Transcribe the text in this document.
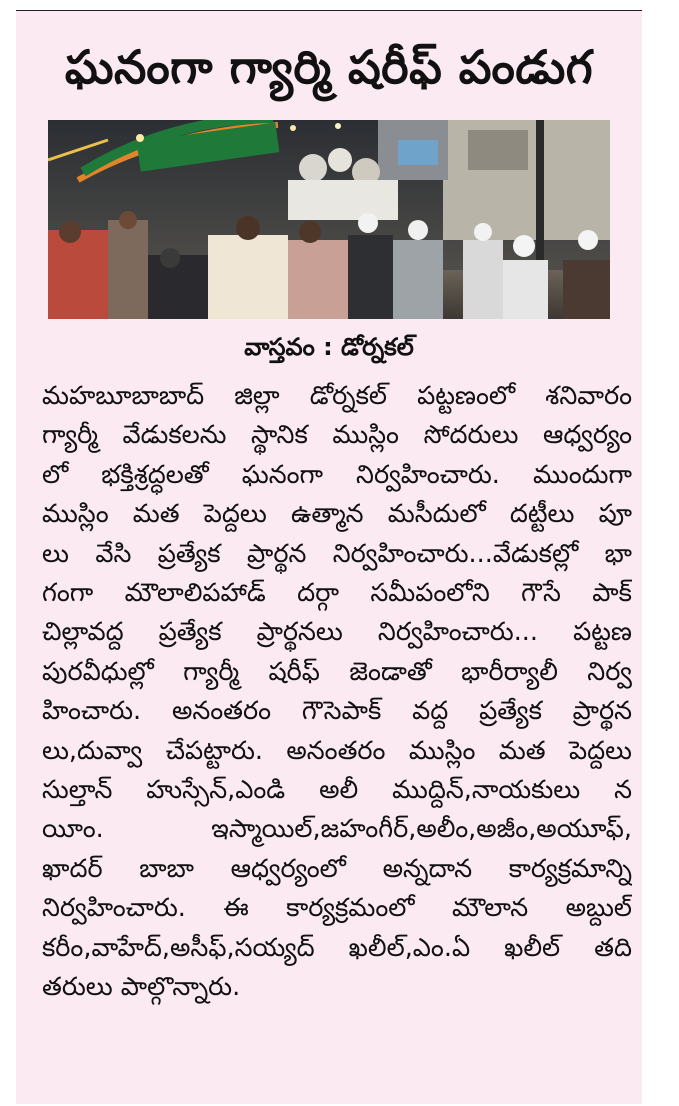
ఘనంగా గ్యార్మి షరీఫ్ పండుగ
వాస్తవం : డోర్నకల్
మహబూబాబాద్ జిల్లా డోర్నకల్ పట్టణంలో శనివారం
గ్యార్మీ వేడుకలను స్థానిక ముస్లిం సోదరులు ఆధ్వర్యం
లో భక్తిశ్రద్ధలతో ఘనంగా నిర్వహించారు. ముందుగా
ముస్లిం మత పెద్దలు ఉత్మాన మసీదులో దట్టీలు పూ
లు వేసి ప్రత్యేక ప్రార్థన నిర్వహించారు...వేడుకల్లో భా
గంగా మౌలాలిపహాడ్ దర్గా సమీపంలోని గౌసే పాక్
చిల్లావద్ద ప్రత్యేక ప్రార్థనలు నిర్వహించారు... పట్టణ
పురవీధుల్లో గ్యార్మీ షరీఫ్ జెండాతో భారీర్యాలీ నిర్వ
హించారు. అనంతరం గౌసెపాక్ వద్ద ప్రత్యేక ప్రార్థన
లు,దువ్వా చేపట్టారు. అనంతరం ముస్లిం మత పెద్దలు
సుల్తాన్ హుస్సేన్,ఎండి అలీ ముద్దిన్,నాయకులు న
యీం. ఇస్మాయిల్,జహంగీర్,అలీం,అజీం,అయూఫ్,
ఖాదర్ బాబా ఆధ్వర్యంలో అన్నదాన కార్యక్రమాన్ని
నిర్వహించారు. ఈ కార్యక్రమంలో మౌలాన అబ్దుల్
కరీం,వాహేద్,అసీఫ్,సయ్యద్ ఖలీల్,ఎం.ఏ ఖలీల్ తది
తరులు పాల్గొన్నారు.
